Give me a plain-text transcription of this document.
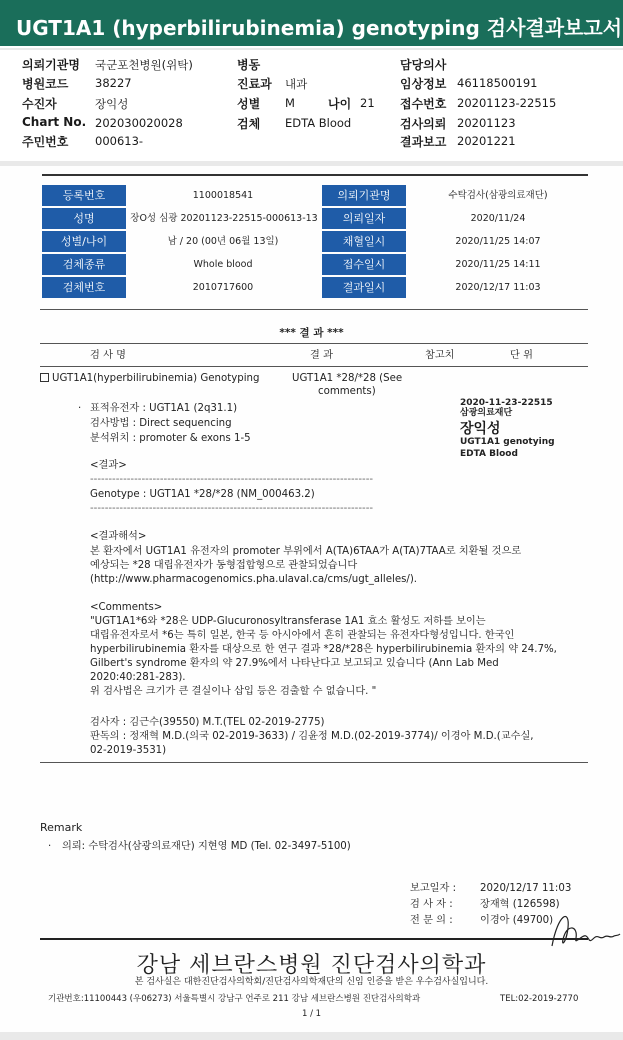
UGT1A1 (hyperbilirubinemia) genotyping 검사결과보고서
의뢰기관명 국군포천병원(위탁)
병원코드 38227
수진자	장익성
Chart No. 202030020028
주민번호 000613-
병동
진료과 내과
성별 M	나이 21
검체 EDTA Blood
담당의사
임상정보 46118500191
접수번호 20201123-22515
검사의뢰 20201123
결과보고 20201221
등록번호	1100018541	의뢰기관명	수탁검사(삼광의료재단)
성명	장O성 심광 20201123-22515-000613-13	의뢰일자	2020/11/24
성별/나이	남 / 20 (00년 06월 13일)	채혈일시	2020/11/25 14:07
검체종류	Whole blood	접수일시	2020/11/25 14:11
검체번호	2010717600	결과일시	2020/12/17 11:03
*** 결 과 ***
검 사 명	결 과	참고치	단 위
UGT1A1(hyperbilirubinemia) Genotyping	UGT1A1 *28/*28 (See
comments)
2020-11-23-22515
삼광의료재단
장익성
UGT1A1 genotying
EDTA Blood
· 표적유전자 : UGT1A1 (2q31.1)
검사방법 : Direct sequencing
분석위치 : promoter & exons 1-5
<결과>
-----------------------------------------------------------------------------
Genotype : UGT1A1 *28/*28 (NM_000463.2)
-----------------------------------------------------------------------------
<결과해석>
본 환자에서 UGT1A1 유전자의 promoter 부위에서 A(TA)6TAA가 A(TA)7TAA로 치환될 것으로
예상되는 *28 대립유전자가 동형접합형으로 관찰되었습니다
(http://www.pharmacogenomics.pha.ulaval.ca/cms/ugt_alleles/).
<Comments>
"UGT1A1*6와 *28은 UDP-Glucuronosyltransferase 1A1 효소 활성도 저하를 보이는
대립유전자로서 *6는 특히 일본, 한국 등 아시아에서 흔히 관찰되는 유전자다형성입니다. 한국인
hyperbilirubinemia 환자를 대상으로 한 연구 결과 *28/*28은 hyperbilirubinemia 환자의 약 24.7%,
Gilbert's syndrome 환자의 약 27.9%에서 나타난다고 보고되고 있습니다 (Ann Lab Med
2020:40:281-283).
위 검사법은 크기가 큰 결실이나 삽입 등은 검출할 수 없습니다. "
검사자 : 김근수(39550) M.T.(TEL 02-2019-2775)
판독의 : 정재혁 M.D.(의국 02-2019-3633) / 김윤정 M.D.(02-2019-3774)/ 이경아 M.D.(교수실,
02-2019-3531)
Remark
· 의뢰: 수탁검사(삼광의료재단) 지현영 MD (Tel. 02-3497-5100)
보고일자 : 2020/12/17 11:03
검 사 자 :	장재혁 (126598)
전 문 의 :	이경아 (49700)
강남 세브란스병원 진단검사의학과
본 검사실은 대한진단검사의학회/진단검사의학재단의 신임 인증을 받은 우수검사실입니다.
기관번호:11100443 (우06273) 서울특별시 강남구 언주로 211 강남 세브란스병원 진단검사의학과	TEL:02-2019-2770
1 / 1
